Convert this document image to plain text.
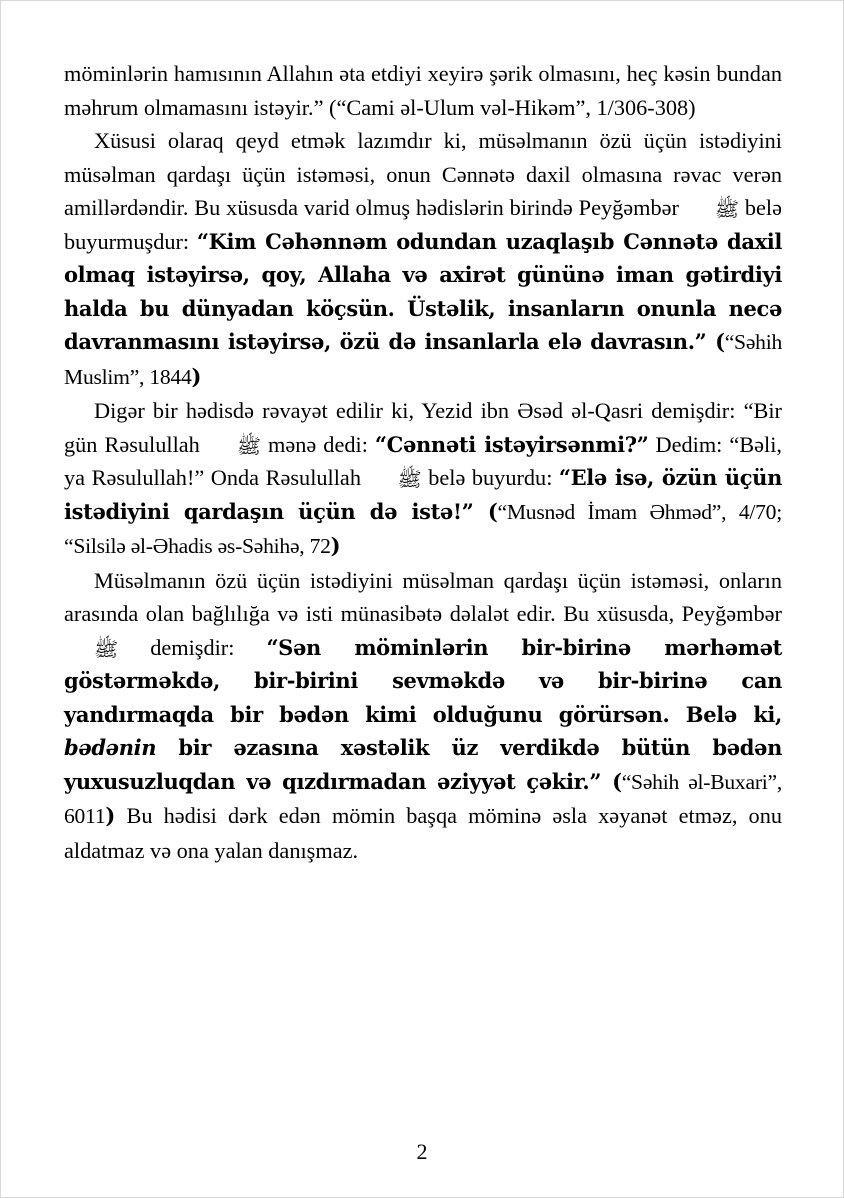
möminlərin hamısının Allahın əta etdiyi xeyirə şərik olmasını, heç kəsin bundan məhrum olmamasını istəyir.” (“Cami əl-Ulum vəl-Hikəm”, 1/306-308)

Xüsusi olaraq qeyd etmək lazımdır ki, müsəlmanın özü üçün istədiyini müsəlman qardaşı üçün istəməsi, onun Cənnətə daxil olmasına rəvac verən amillərdəndir. Bu xüsusda varid olmuş hədislərin birində Peyğəmbər ﷺ belə buyurmuşdur: “Kim Cəhənnəm odundan uzaqlaşıb Cənnətə daxil olmaq istəyirsə, qoy, Allaha və axirət gününə iman gətirdiyi halda bu dünyadan köçsün. Üstəlik, insanların onunla necə davranmasını istəyirsə, özü də insanlarla elə davrasın.” (“Səhih Muslim”, 1844)

Digər bir hədisdə rəvayət edilir ki, Yezid ibn Əsəd əl-Qasri demişdir: “Bir gün Rəsulullah ﷺ mənə dedi: “Cənnəti istəyirsənmi?” Dedim: “Bəli, ya Rəsulullah!” Onda Rəsulullah ﷺ belə buyurdu: “Elə isə, özün üçün istədiyini qardaşın üçün də istə!” (“Musnəd İmam Əhməd”, 4/70; “Silsilə əl-Əhadis əs-Səhihə, 72)

Müsəlmanın özü üçün istədiyini müsəlman qardaşı üçün istəməsi, onların arasında olan bağlılığa və isti münasibətə dəlalət edir. Bu xüsusda, Peyğəmbər ﷺ demişdir: “Sən möminlərin bir-birinə mərhəmət göstərməkdə, bir-birini sevməkdə və bir-birinə can yandırmaqda bir bədən kimi olduğunu görürsən. Belə ki, bədənin bir əzasına xəstəlik üz verdikdə bütün bədən yuxusuzluqdan və qızdırmadan əziyyət çəkir.” (“Səhih əl-Buxari”, 6011) Bu hədisi dərk edən mömin başqa möminə əsla xəyanət etməz, onu aldatmaz və ona yalan danışmaz.

2
